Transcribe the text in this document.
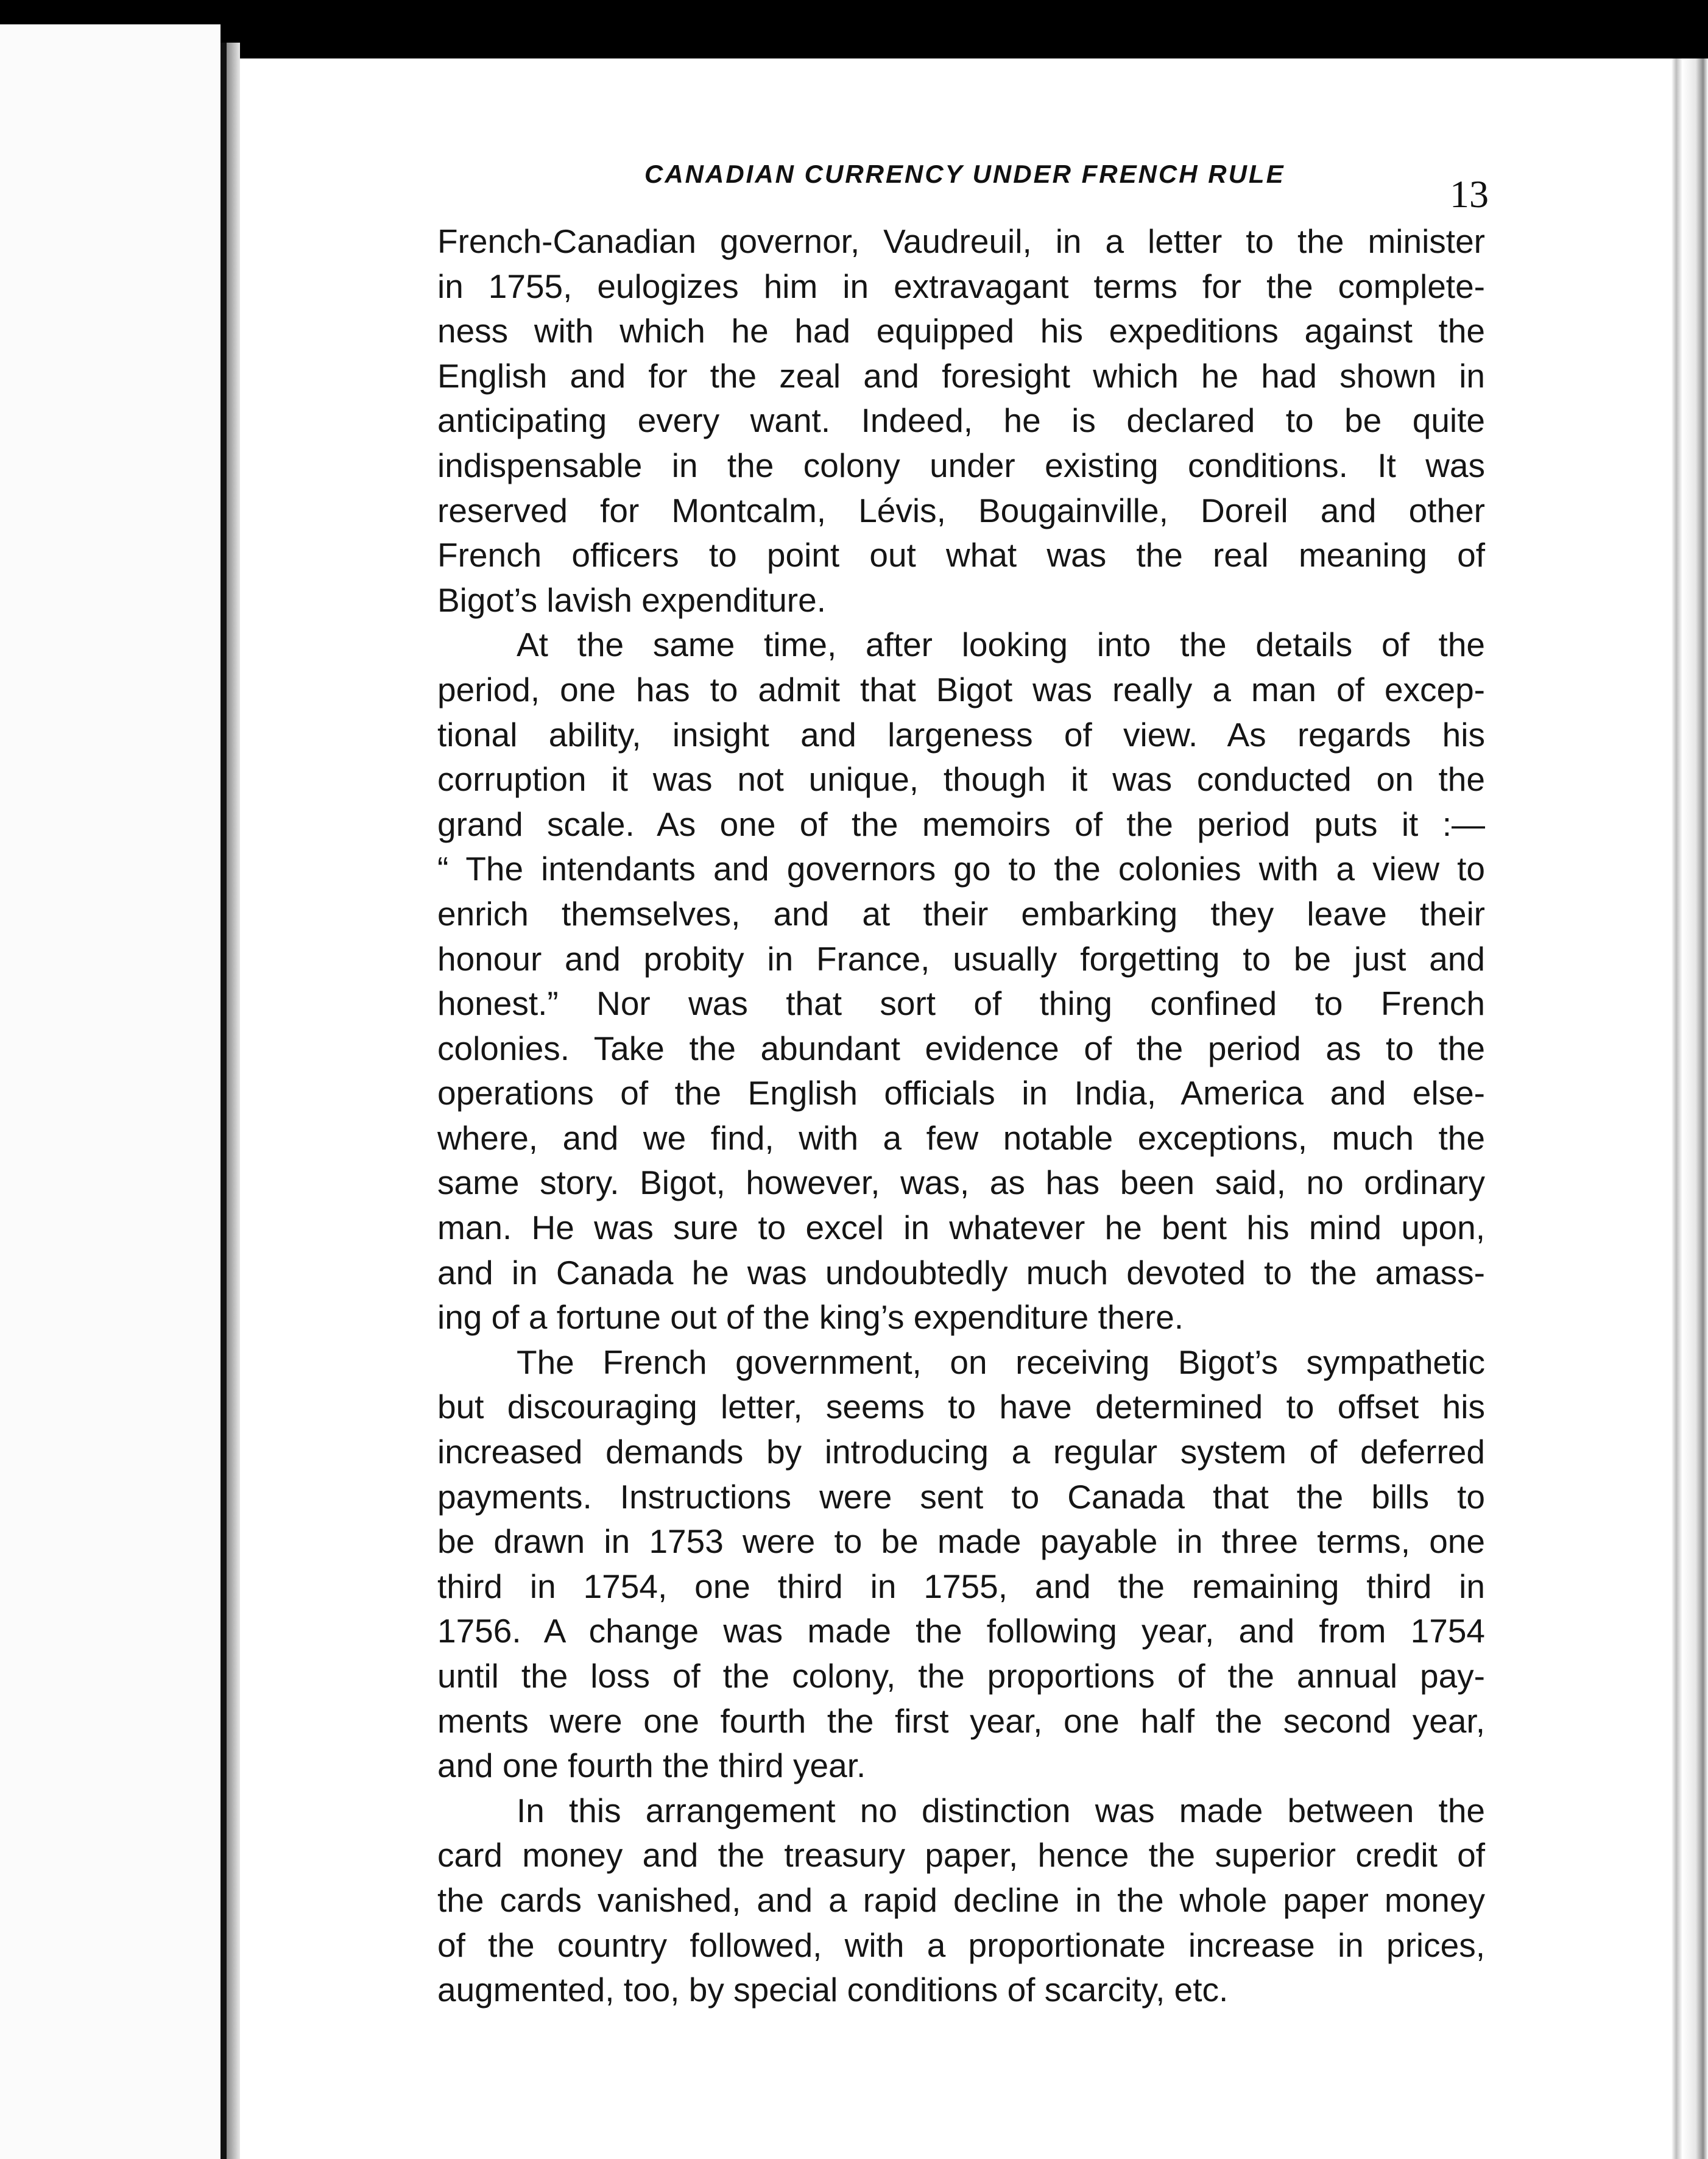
CANADIAN CURRENCY UNDER FRENCH RULE	13
French-Canadian governor, Vaudreuil, in a letter to the minister
in 1755, eulogizes him in extravagant terms for the complete-
ness with which he had equipped his expeditions against the
English and for the zeal and foresight which he had shown in
anticipating every want. Indeed, he is declared to be quite
indispensable in the colony under existing conditions. It was
reserved for Montcalm, Lévis, Bougainville, Doreil and other
French officers to point out what was the real meaning of
Bigot’s lavish expenditure.
At the same time, after looking into the details of the
period, one has to admit that Bigot was really a man of excep-
tional ability, insight and largeness of view. As regards his
corruption it was not unique, though it was conducted on the
grand scale. As one of the memoirs of the period puts it :—
“ The intendants and governors go to the colonies with a view to
enrich themselves, and at their embarking they leave their
honour and probity in France, usually forgetting to be just and
honest.” Nor was that sort of thing confined to French
colonies. Take the abundant evidence of the period as to the
operations of the English officials in India, America and else-
where, and we find, with a few notable exceptions, much the
same story. Bigot, however, was, as has been said, no ordinary
man. He was sure to excel in whatever he bent his mind upon,
and in Canada he was undoubtedly much devoted to the amass-
ing of a fortune out of the king’s expenditure there.
The French government, on receiving Bigot’s sympathetic
but discouraging letter, seems to have determined to offset his
increased demands by introducing a regular system of deferred
payments. Instructions were sent to Canada that the bills to
be drawn in 1753 were to be made payable in three terms, one
third in 1754, one third in 1755, and the remaining third in
1756. A change was made the following year, and from 1754
until the loss of the colony, the proportions of the annual pay-
ments were one fourth the first year, one half the second year,
and one fourth the third year.
In this arrangement no distinction was made between the
card money and the treasury paper, hence the superior credit of
the cards vanished, and a rapid decline in the whole paper money
of the country followed, with a proportionate increase in prices,
augmented, too, by special conditions of scarcity, etc.
